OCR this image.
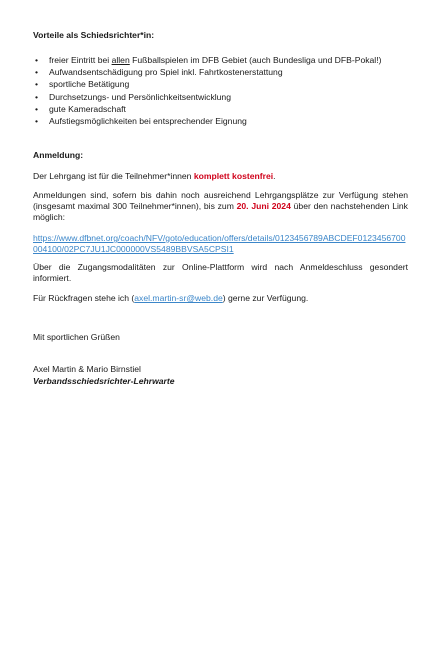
Vorteile als Schiedsrichter*in:
• freier Eintritt bei allen Fußballspielen im DFB Gebiet (auch Bundesliga und DFB-Pokal!)
• Aufwandsentschädigung pro Spiel inkl. Fahrtkostenerstattung
• sportliche Betätigung
• Durchsetzungs- und Persönlichkeitsentwicklung
• gute Kameradschaft
• Aufstiegsmöglichkeiten bei entsprechender Eignung
Anmeldung:
Der Lehrgang ist für die Teilnehmer*innen komplett kostenfrei.
Anmeldungen sind, sofern bis dahin noch ausreichend Lehrgangsplätze zur Verfügung stehen (insgesamt maximal 300 Teilnehmer*innen), bis zum 20. Juni 2024 über den nachstehenden Link möglich:
https://www.dfbnet.org/coach/NFV/goto/education/offers/details/0123456789ABCDEF0123456700004100/02PC7JU1JC000000VS5489BBVSA5CPSI1
Über die Zugangsmodalitäten zur Online-Plattform wird nach Anmeldeschluss gesondert informiert.
Für Rückfragen stehe ich (axel.martin-sr@web.de) gerne zur Verfügung.
Mit sportlichen Grüßen
Axel Martin & Mario Birnstiel
Verbandsschiedsrichter-Lehrwarte
